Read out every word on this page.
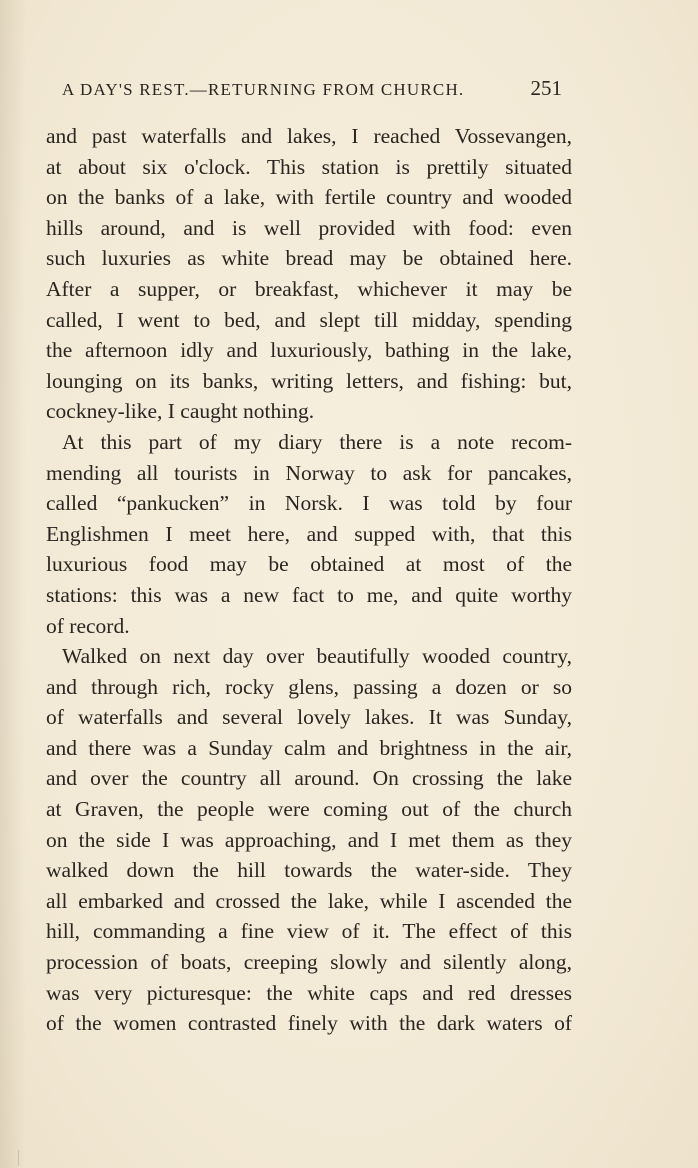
A DAY'S REST.—RETURNING FROM CHURCH.	251
and past waterfalls and lakes, I reached Vossevangen,
at about six o'clock. This station is prettily situated
on the banks of a lake, with fertile country and wooded
hills around, and is well provided with food: even
such luxuries as white bread may be obtained here.
After a supper, or breakfast, whichever it may be
called, I went to bed, and slept till midday, spending
the afternoon idly and luxuriously, bathing in the lake,
lounging on its banks, writing letters, and fishing: but,
cockney-like, I caught nothing.
At this part of my diary there is a note recom-
mending all tourists in Norway to ask for pancakes,
called “pankucken” in Norsk. I was told by four
Englishmen I meet here, and supped with, that this
luxurious food may be obtained at most of the
stations: this was a new fact to me, and quite worthy
of record.
Walked on next day over beautifully wooded country,
and through rich, rocky glens, passing a dozen or so
of waterfalls and several lovely lakes. It was Sunday,
and there was a Sunday calm and brightness in the air,
and over the country all around. On crossing the lake
at Graven, the people were coming out of the church
on the side I was approaching, and I met them as they
walked down the hill towards the water-side. They
all embarked and crossed the lake, while I ascended the
hill, commanding a fine view of it. The effect of this
procession of boats, creeping slowly and silently along,
was very picturesque: the white caps and red dresses
of the women contrasted finely with the dark waters of
